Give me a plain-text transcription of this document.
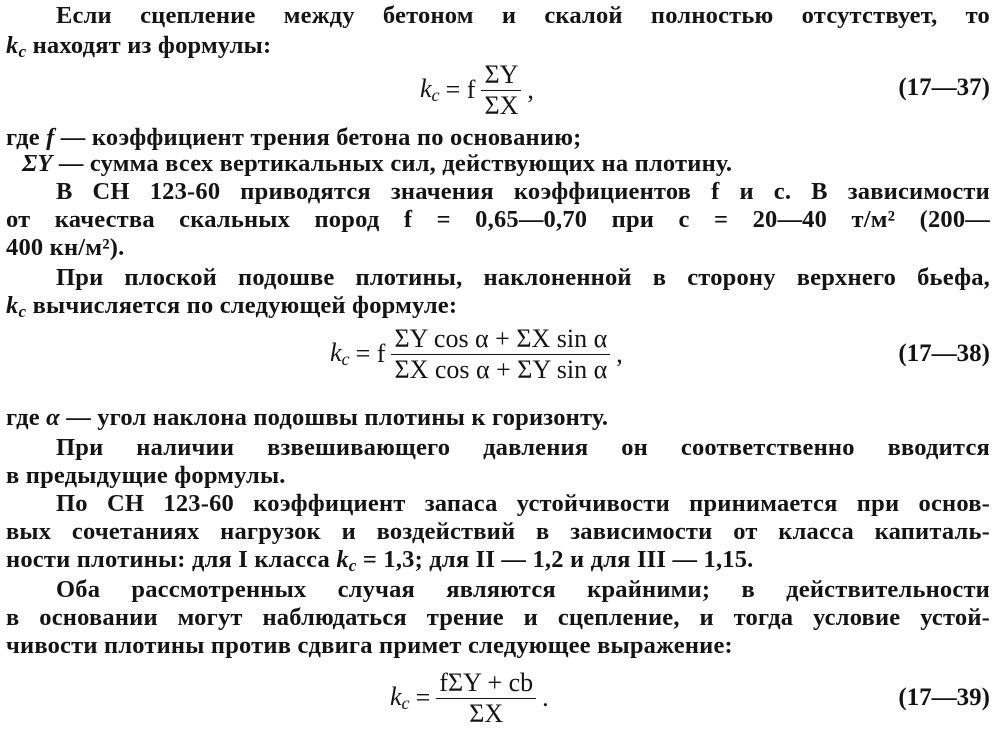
Если сцепление между бетоном и скалой полностью отсутствует, то
$k_c$ находят из формулы:
$k_c = f \frac{\Sigma Y}{\Sigma X}$ ,	(17—37)
где f — коэффициент трения бетона по основанию;
ΣY — сумма всех вертикальных сил, действующих на плотину.
В СН 123-60 приводятся значения коэффициентов f и c. В зависимости
от качества скальных пород f = 0,65—0,70 при c = 20—40 т/м² (200—
400 кн/м²).
При плоской подошве плотины, наклоненной в сторону верхнего бьефа,
$k_c$ вычисляется по следующей формуле:
$k_c = f \frac{\text{ΣY cos α + ΣX sin α}}{\text{ΣX cos α + ΣY sin α}}$ ,	(17—38)
где α — угол наклона подошвы плотины к горизонту.
При наличии взвешивающего давления он соответственно вводится
в предыдущие формулы.
По СН 123-60 коэффициент запаса устойчивости принимается при основ-
вых сочетаниях нагрузок и воздействий в зависимости от класса капиталь-
ности плотины: для I класса $k_c = 1,3$; для II — 1,2 и для III — 1,15.
Оба рассмотренных случая являются крайними; в действительности
в основании могут наблюдаться трение и сцепление, и тогда условие устой-
чивости плотины против сдвига примет следующее выражение:
$k_c = \frac{\text{fΣY + cb}}{\Sigma X}$ .	(17—39)
